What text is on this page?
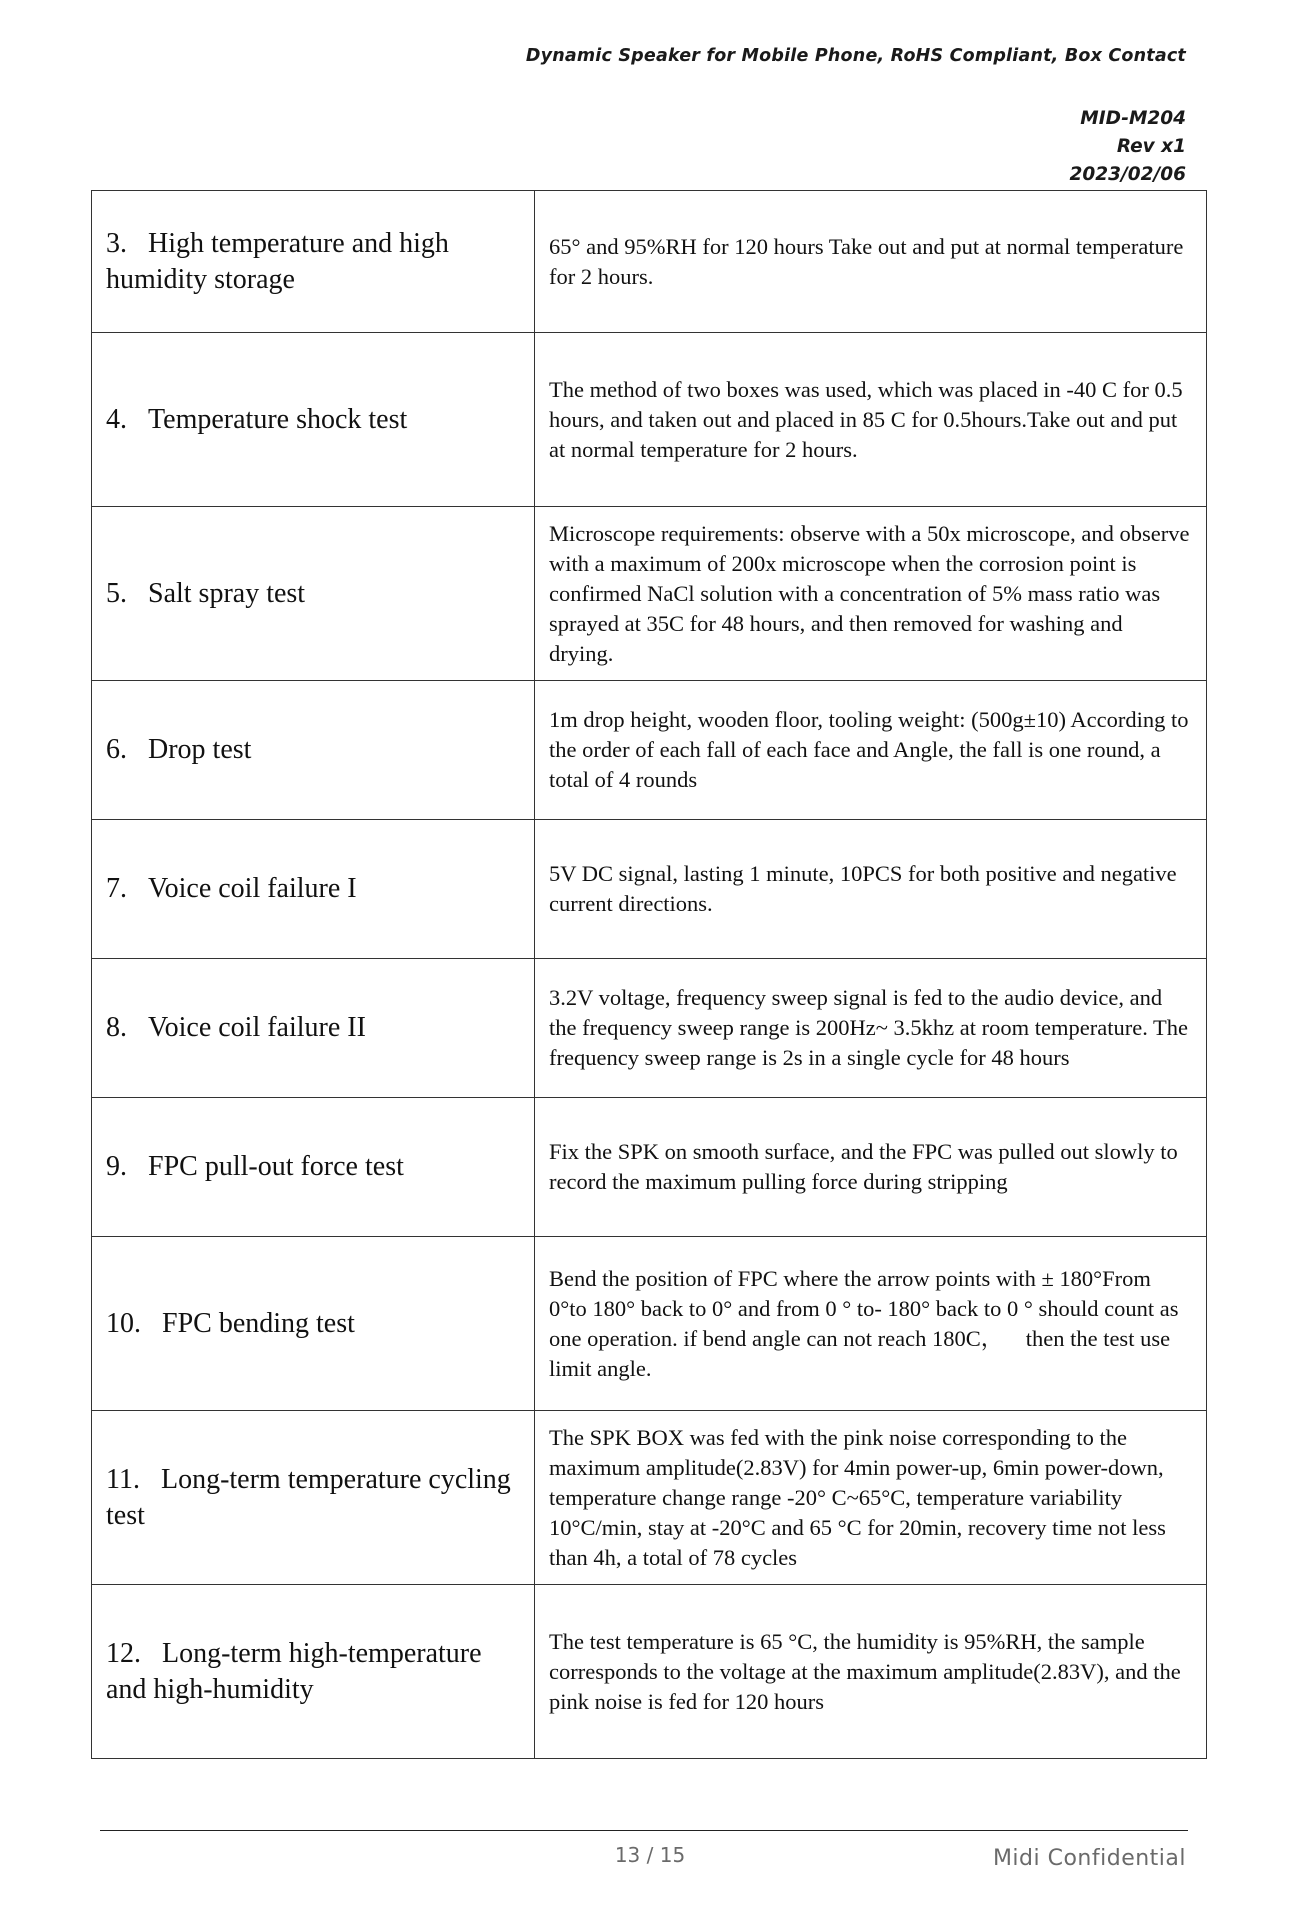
Dynamic Speaker for Mobile Phone, RoHS Compliant, Box Contact
MID-M204
Rev x1
2023/02/06
3.   High temperature and high humidity storage	65° and 95%RH for 120 hours Take out and put at normal temperature for 2 hours.
4.   Temperature shock test	The method of two boxes was used, which was placed in -40 C for 0.5 hours, and taken out and placed in 85 C for 0.5hours.Take out and put at normal temperature for 2 hours.
5.   Salt spray test	Microscope requirements: observe with a 50x microscope, and observe with a maximum of 200x microscope when the corrosion point is confirmed NaCl solution with a concentration of 5% mass ratio was sprayed at 35C for 48 hours, and then removed for washing and drying.
6.   Drop test	1m drop height, wooden floor, tooling weight: (500g±10) According to the order of each fall of each face and Angle, the fall is one round, a total of 4 rounds
7.   Voice coil failure I	5V DC signal, lasting 1 minute, 10PCS for both positive and negative current directions.
8.   Voice coil failure II	3.2V voltage, frequency sweep signal is fed to the audio device, and the frequency sweep range is 200Hz~ 3.5khz at room temperature. The frequency sweep range is 2s in a single cycle for 48 hours
9.   FPC pull-out force test	Fix the SPK on smooth surface, and the FPC was pulled out slowly to record the maximum pulling force during stripping
10.   FPC bending test	Bend the position of FPC where the arrow points with ± 180°From 0°to 180° back to 0° and from 0 ° to- 180° back to 0 ° should count as one operation. if bend angle can not reach 180C，    then the test use limit angle.
11.   Long-term temperature cycling test	The SPK BOX was fed with the pink noise corresponding to the maximum amplitude(2.83V) for 4min power-up, 6min power-down, temperature change range -20° C~65°C, temperature variability 10°C/min, stay at -20°C and 65 °C for 20min, recovery time not less than 4h, a total of 78 cycles
12.   Long-term high-temperature and high-humidity	The test temperature is 65 °C, the humidity is 95%RH, the sample corresponds to the voltage at the maximum amplitude(2.83V), and the pink noise is fed for 120 hours
13 / 15	Midi Confidential
